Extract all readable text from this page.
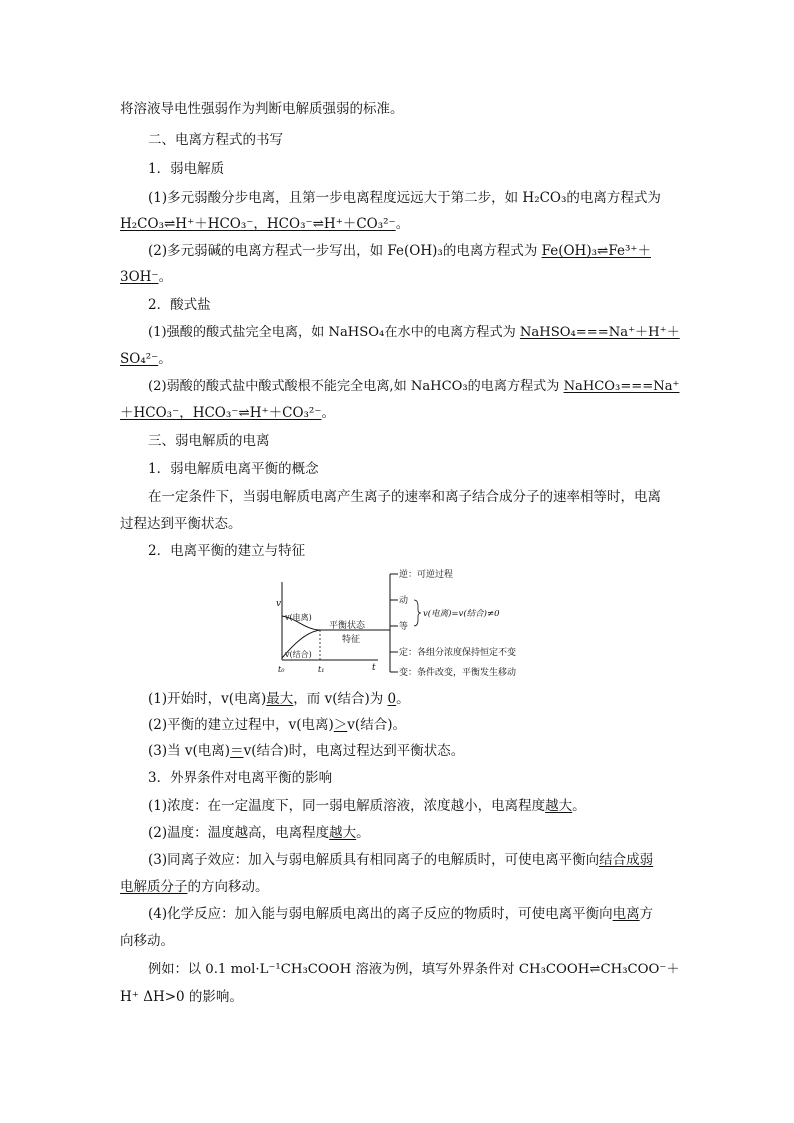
将溶液导电性强弱作为判断电解质强弱的标准。
二、电离方程式的书写
1．弱电解质
(1)多元弱酸分步电离，且第一步电离程度远远大于第二步，如 H₂CO₃的电离方程式为
H₂CO₃⇌H⁺＋HCO₃⁻，HCO₃⁻⇌H⁺＋CO₃²⁻。
(2)多元弱碱的电离方程式一步写出，如 Fe(OH)₃的电离方程式为 Fe(OH)₃⇌Fe³⁺＋
3OH⁻。
2．酸式盐
(1)强酸的酸式盐完全电离，如 NaHSO₄在水中的电离方程式为 NaHSO₄===Na⁺＋H⁺＋
SO₄²⁻。
(2)弱酸的酸式盐中酸式酸根不能完全电离,如 NaHCO₃的电离方程式为 NaHCO₃===Na⁺
＋HCO₃⁻，HCO₃⁻⇌H⁺＋CO₃²⁻。
三、弱电解质的电离
1．弱电解质电离平衡的概念
在一定条件下，当弱电解质电离产生离子的速率和离子结合成分子的速率相等时，电离
过程达到平衡状态。
2．电离平衡的建立与特征
v
t
t₀	t₁
v(电离)
v(结合)
平衡状态
特征
逆：可逆过程
动
等
v(电离)=v(结合)≠0
定：各组分浓度保持恒定不变
变：条件改变，平衡发生移动
(1)开始时，v(电离)最大，而 v(结合)为 0。
(2)平衡的建立过程中，v(电离)＞v(结合)。
(3)当 v(电离)＝v(结合)时，电离过程达到平衡状态。
3．外界条件对电离平衡的影响
(1)浓度：在一定温度下，同一弱电解质溶液，浓度越小，电离程度越大。
(2)温度：温度越高，电离程度越大。
(3)同离子效应：加入与弱电解质具有相同离子的电解质时，可使电离平衡向结合成弱
电解质分子的方向移动。
(4)化学反应：加入能与弱电解质电离出的离子反应的物质时，可使电离平衡向电离方
向移动。
例如：以 0.1 mol·L⁻¹CH₃COOH 溶液为例，填写外界条件对 CH₃COOH⇌CH₃COO⁻＋
H⁺ ΔH>0 的影响。
